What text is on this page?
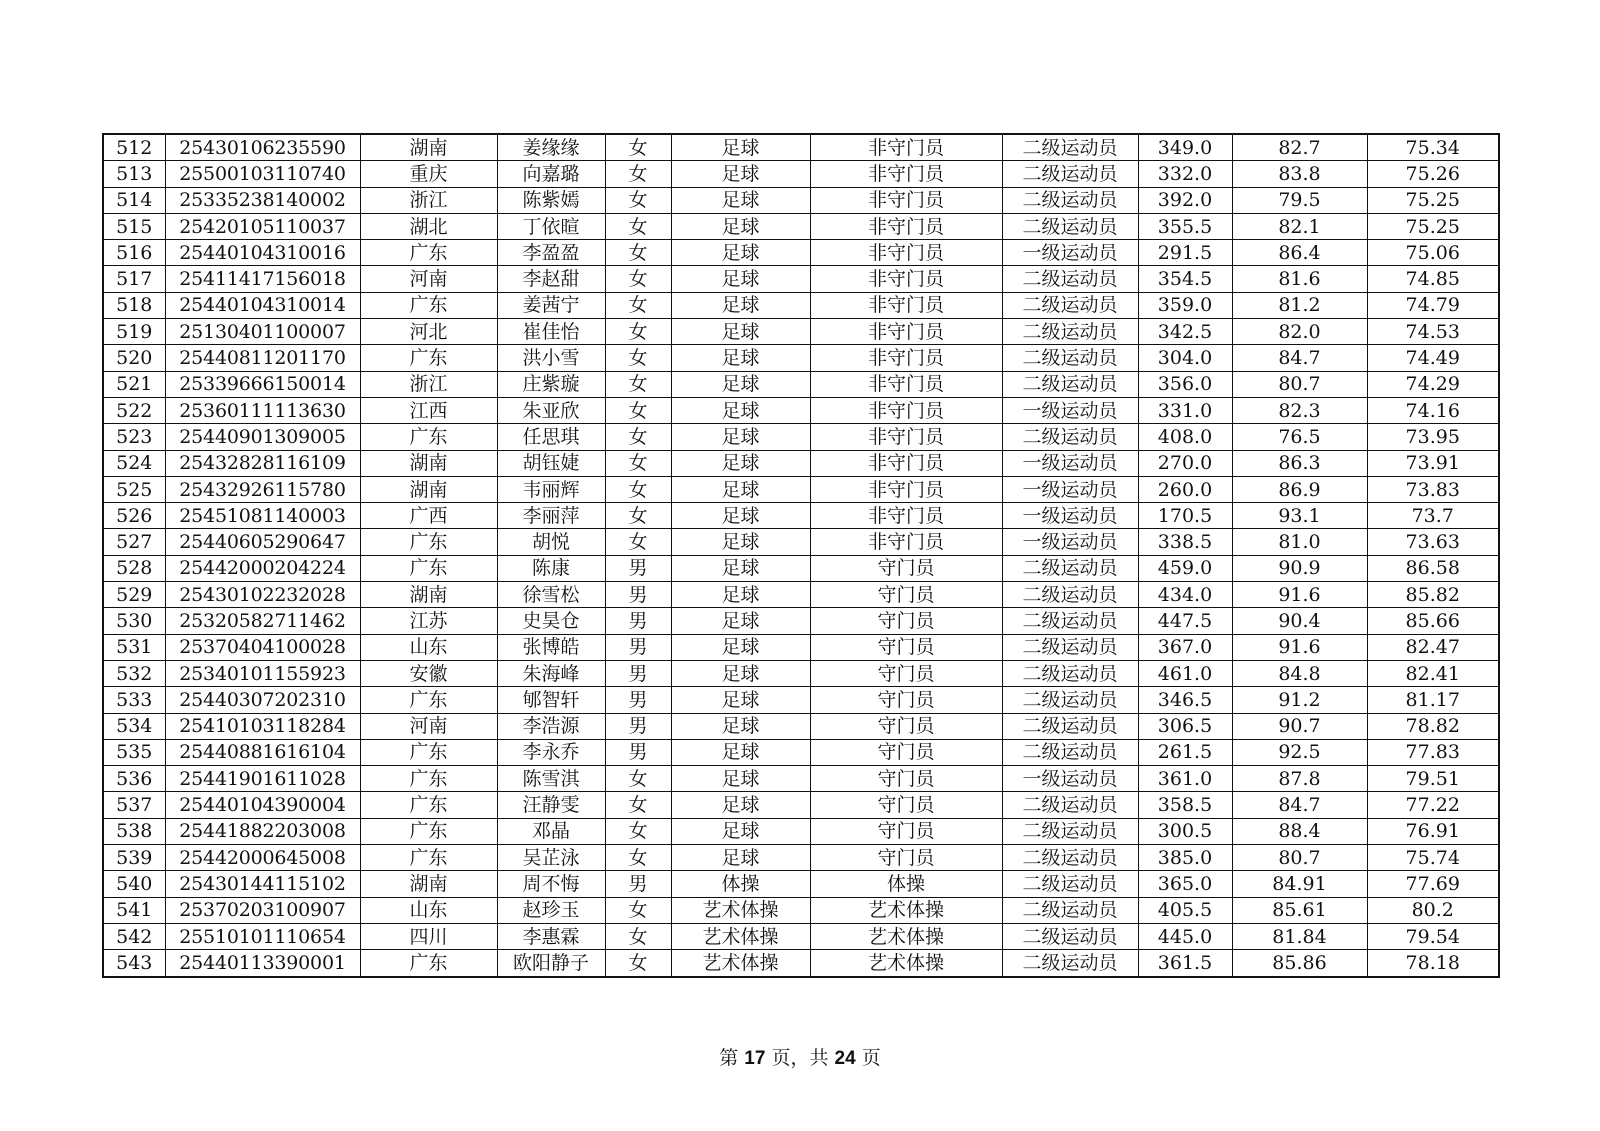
512	25430106235590	湖南	姜缘缘	女	足球	非守门员	二级运动员	349.0	82.7	75.34
513	25500103110740	重庆	向嘉璐	女	足球	非守门员	二级运动员	332.0	83.8	75.26
514	25335238140002	浙江	陈紫嫣	女	足球	非守门员	二级运动员	392.0	79.5	75.25
515	25420105110037	湖北	丁依暄	女	足球	非守门员	二级运动员	355.5	82.1	75.25
516	25440104310016	广东	李盈盈	女	足球	非守门员	一级运动员	291.5	86.4	75.06
517	25411417156018	河南	李赵甜	女	足球	非守门员	二级运动员	354.5	81.6	74.85
518	25440104310014	广东	姜茜宁	女	足球	非守门员	二级运动员	359.0	81.2	74.79
519	25130401100007	河北	崔佳怡	女	足球	非守门员	二级运动员	342.5	82.0	74.53
520	25440811201170	广东	洪小雪	女	足球	非守门员	二级运动员	304.0	84.7	74.49
521	25339666150014	浙江	庄紫璇	女	足球	非守门员	二级运动员	356.0	80.7	74.29
522	25360111113630	江西	朱亚欣	女	足球	非守门员	一级运动员	331.0	82.3	74.16
523	25440901309005	广东	任思琪	女	足球	非守门员	二级运动员	408.0	76.5	73.95
524	25432828116109	湖南	胡钰婕	女	足球	非守门员	一级运动员	270.0	86.3	73.91
525	25432926115780	湖南	韦丽辉	女	足球	非守门员	一级运动员	260.0	86.9	73.83
526	25451081140003	广西	李丽萍	女	足球	非守门员	一级运动员	170.5	93.1	73.7
527	25440605290647	广东	胡悦	女	足球	非守门员	一级运动员	338.5	81.0	73.63
528	25442000204224	广东	陈康	男	足球	守门员	二级运动员	459.0	90.9	86.58
529	25430102232028	湖南	徐雪松	男	足球	守门员	二级运动员	434.0	91.6	85.82
530	25320582711462	江苏	史昊仓	男	足球	守门员	二级运动员	447.5	90.4	85.66
531	25370404100028	山东	张博皓	男	足球	守门员	二级运动员	367.0	91.6	82.47
532	25340101155923	安徽	朱海峰	男	足球	守门员	二级运动员	461.0	84.8	82.41
533	25440307202310	广东	郇智轩	男	足球	守门员	二级运动员	346.5	91.2	81.17
534	25410103118284	河南	李浩源	男	足球	守门员	二级运动员	306.5	90.7	78.82
535	25440881616104	广东	李永乔	男	足球	守门员	二级运动员	261.5	92.5	77.83
536	25441901611028	广东	陈雪淇	女	足球	守门员	一级运动员	361.0	87.8	79.51
537	25440104390004	广东	汪静雯	女	足球	守门员	二级运动员	358.5	84.7	77.22
538	25441882203008	广东	邓晶	女	足球	守门员	二级运动员	300.5	88.4	76.91
539	25442000645008	广东	吴芷泳	女	足球	守门员	二级运动员	385.0	80.7	75.74
540	25430144115102	湖南	周不悔	男	体操	体操	二级运动员	365.0	84.91	77.69
541	25370203100907	山东	赵珍玉	女	艺术体操	艺术体操	二级运动员	405.5	85.61	80.2
542	25510101110654	四川	李惠霖	女	艺术体操	艺术体操	二级运动员	445.0	81.84	79.54
543	25440113390001	广东	欧阳静子	女	艺术体操	艺术体操	二级运动员	361.5	85.86	78.18
第 17 页，共 24 页
